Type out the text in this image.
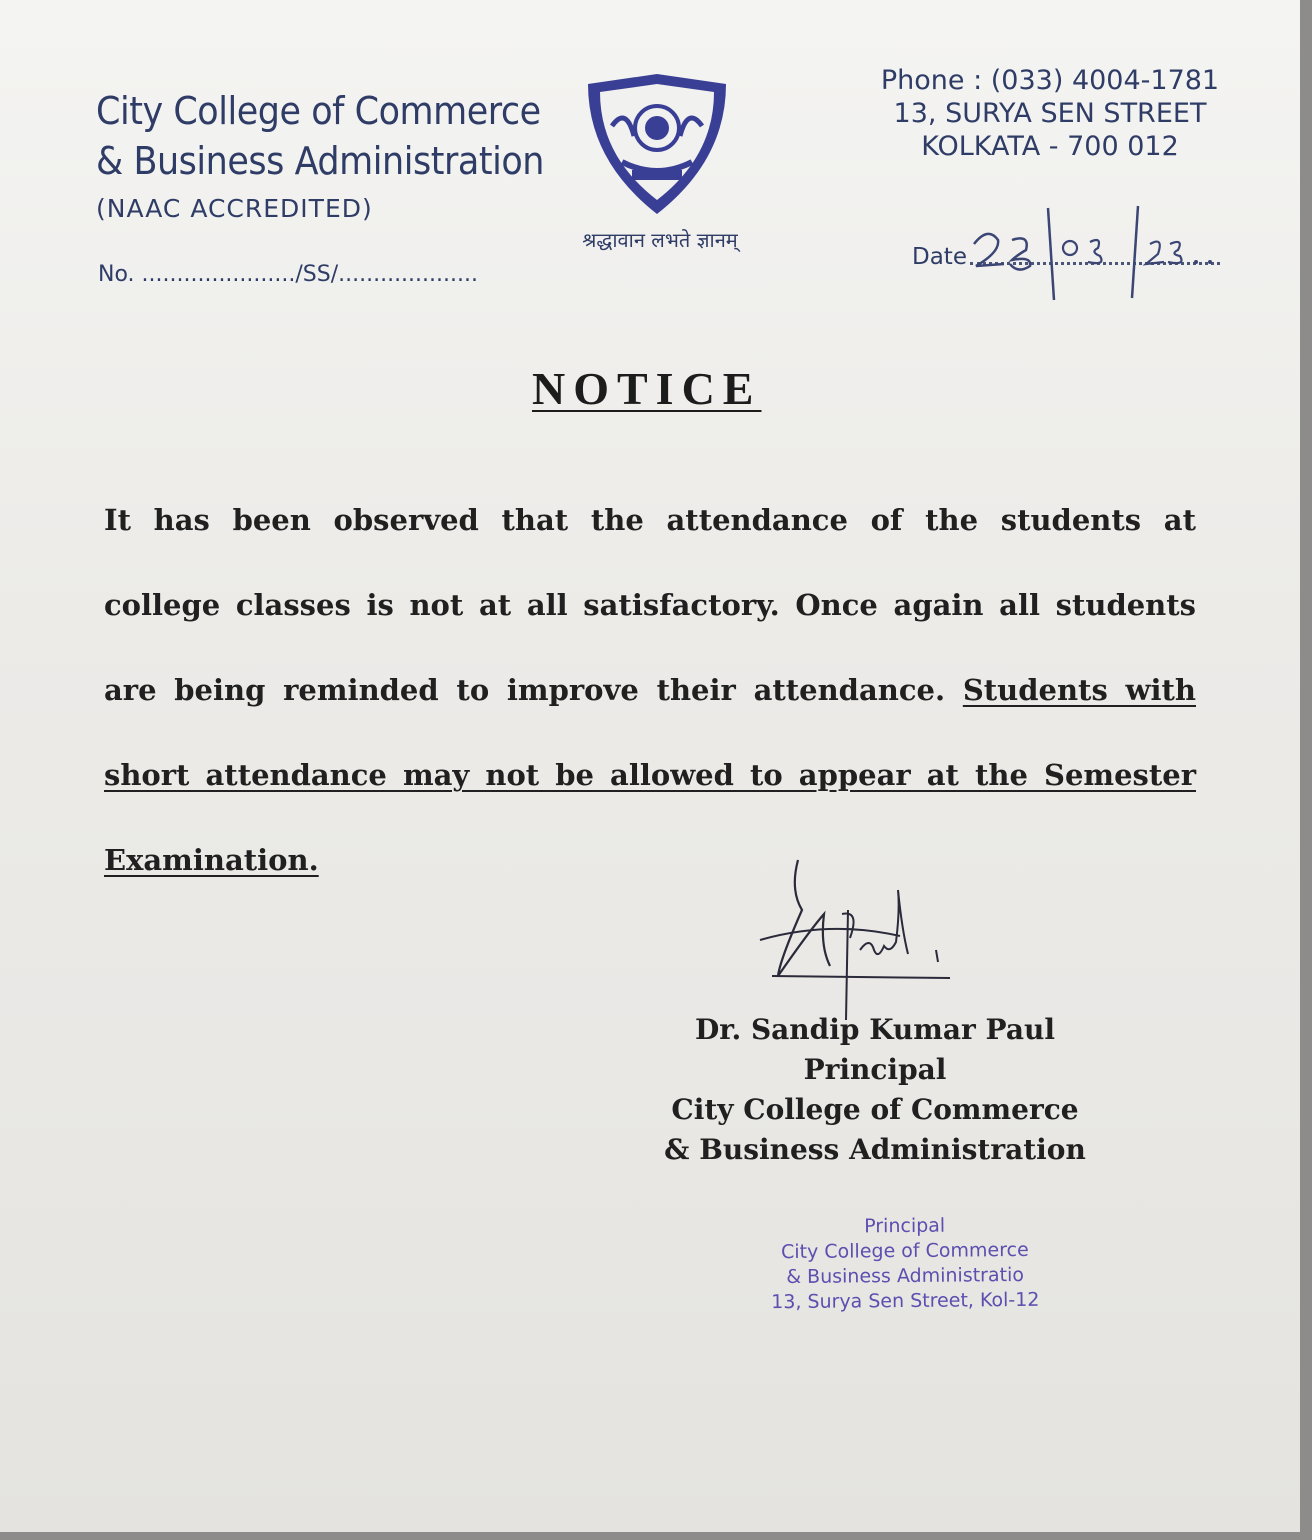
City College of Commerce
& Business Administration
(NAAC ACCREDITED)
No. ....................../SS/....................
श्रद्धावान लभते ज्ञानम्
Phone : (033) 4004-1781
13, SURYA SEN STREET
KOLKATA - 700 012
Date
NOTICE
It has been observed that the attendance of the students at college classes is not at all satisfactory. Once again all students are being reminded to improve their attendance. Students with short attendance may not be allowed to appear at the Semester Examination.
Dr. Sandip Kumar Paul
Principal
City College of Commerce
& Business Administration
Principal
City College of Commerce
& Business Administratio
13, Surya Sen Street, Kol-12
